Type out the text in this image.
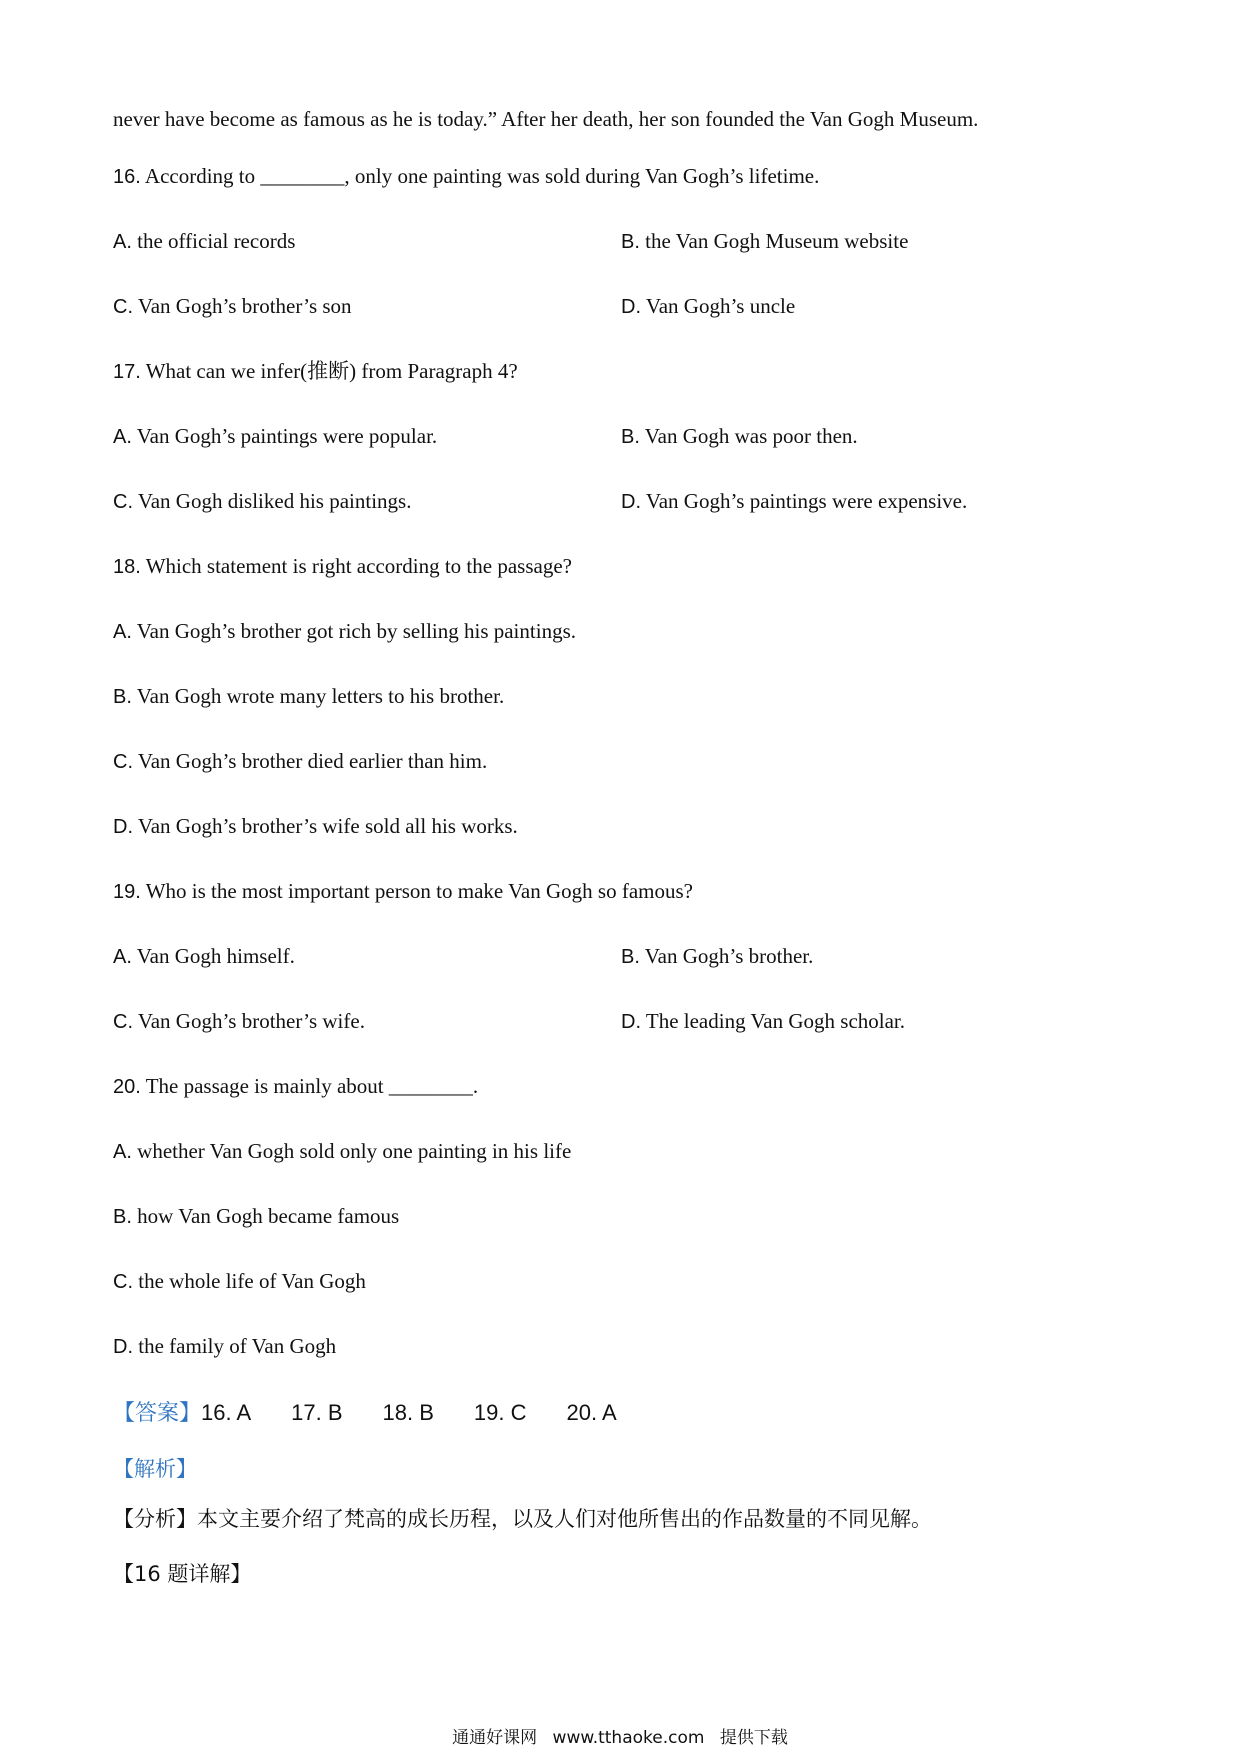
never have become as famous as he is today.” After her death, her son founded the Van Gogh Museum.
16. According to ________, only one painting was sold during Van Gogh’s lifetime.
A. the official records	B. the Van Gogh Museum website
C. Van Gogh’s brother’s son	D. Van Gogh’s uncle
17. What can we infer(推断) from Paragraph 4?
A. Van Gogh’s paintings were popular.	B. Van Gogh was poor then.
C. Van Gogh disliked his paintings.	D. Van Gogh’s paintings were expensive.
18. Which statement is right according to the passage?
A. Van Gogh’s brother got rich by selling his paintings.
B. Van Gogh wrote many letters to his brother.
C. Van Gogh’s brother died earlier than him.
D. Van Gogh’s brother’s wife sold all his works.
19. Who is the most important person to make Van Gogh so famous?
A. Van Gogh himself.	B. Van Gogh’s brother.
C. Van Gogh’s brother’s wife.	D. The leading Van Gogh scholar.
20. The passage is mainly about ________.
A. whether Van Gogh sold only one painting in his life
B. how Van Gogh became famous
C. the whole life of Van Gogh
D. the family of Van Gogh
【答案】 16. A 17. B 18. B 19. C 20. A
【解析】
【分析】本文主要介绍了梵高的成长历程，以及人们对他所售出的作品数量的不同见解。
【16 题详解】
通通好课网 www.tthaoke.com 提供下载
